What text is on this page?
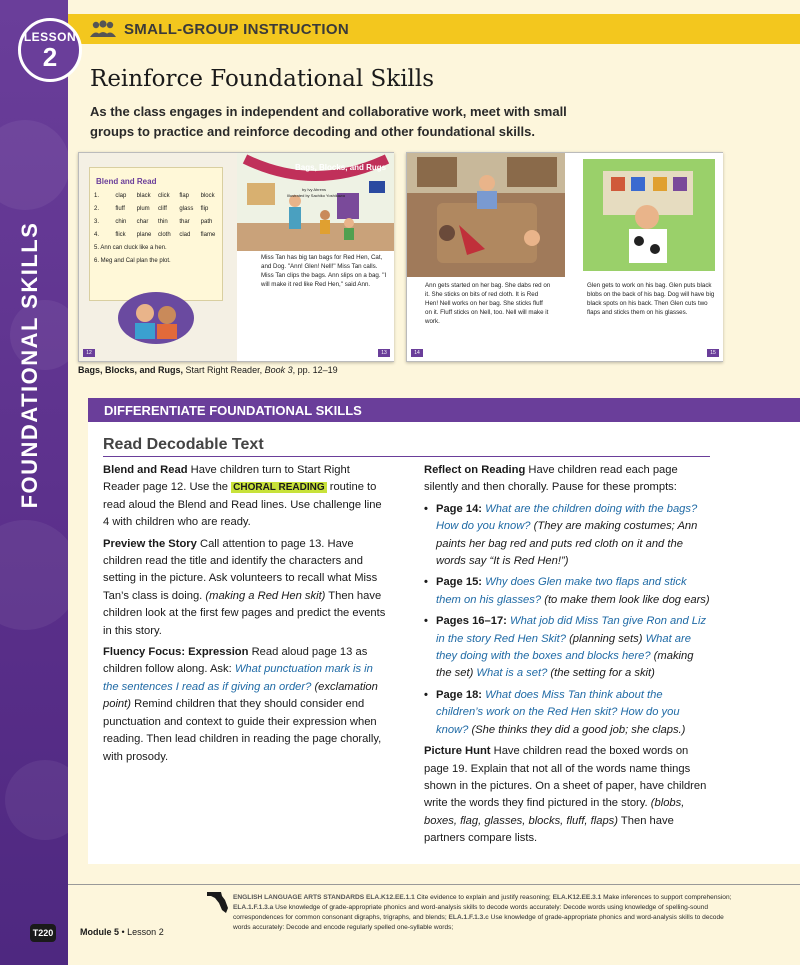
FOUNDATIONAL SKILLS
T220
LESSON
2
SMALL-GROUP INSTRUCTION
Reinforce Foundational Skills
As the class engages in independent and collaborative work, meet with small groups to practice and reinforce decoding and other foundational skills.
Blend and Read
1.	clap	black	click	flap	block
2.	fluff	plum	cliff	glass	flip
3.	chin	char	thin	thar	path
4.	flick	plane	cloth	clad	flame
5. Ann can cluck like a hen.
6. Meg and Cal plan the plot.
12
Bags, Blocks, and Rugs
by Ivy Ahrens
Illustrated by Sachiko Yoshikawa
Miss Tan has big tan bags for Red Hen, Cat, and Dog. "Ann! Glen! Nell!" Miss Tan calls. Miss Tan clips the bags. Ann slips on a bag. "I will make it red like Red Hen," said Ann.
13
Ann gets started on her bag. She dabs red on it. She sticks on bits of red cloth. It is Red Hen! Nell works on her bag. She sticks fluff on it. Fluff sticks on Nell, too. Nell will make it work.
14
Glen gets to work on his bag. Glen puts black blobs on the back of his bag. Dog will have big black spots on his back. Then Glen cuts two flaps and sticks them on his glasses.
15
Bags, Blocks, and Rugs, Start Right Reader, Book 3, pp. 12–19
DIFFERENTIATE FOUNDATIONAL SKILLS
Read Decodable Text

Blend and Read Have children turn to Start Right Reader page 12. Use the CHORAL READING routine to read aloud the Blend and Read lines. Use challenge line 4 with children who are ready.

Preview the Story Call attention to page 13. Have children read the title and identify the characters and setting in the picture. Ask volunteers to recall what Miss Tan’s class is doing. (making a Red Hen skit) Then have children look at the first few pages and predict the events in this story.

Fluency Focus: Expression Read aloud page 13 as children follow along. Ask: What punctuation mark is in the sentences I read as if giving an order? (exclamation point) Remind children that they should consider end punctuation and context to guide their expression when reading. Then lead children in reading the page chorally, with prosody.

Reflect on Reading Have children read each page silently and then chorally. Pause for these prompts:

• Page 14: What are the children doing with the bags? How do you know? (They are making costumes; Ann paints her bag red and puts red cloth on it and the words say “It is Red Hen!”)
• Page 15: Why does Glen make two flaps and stick them on his glasses? (to make them look like dog ears)
• Pages 16–17: What job did Miss Tan give Ron and Liz in the story Red Hen Skit? (planning sets) What are they doing with the boxes and blocks here? (making the set) What is a set? (the setting for a skit)
• Page 18: What does Miss Tan think about the children’s work on the Red Hen skit? How do you know? (She thinks they did a good job; she claps.)

Picture Hunt Have children read the boxed words on page 19. Explain that not all of the words name things shown in the pictures. On a sheet of paper, have children write the words they find pictured in the story. (blobs, boxes, flag, glasses, blocks, fluff, flaps) Then have partners compare lists.

ENGLISH LANGUAGE ARTS STANDARDS ELA.K12.EE.1.1 Cite evidence to explain and justify reasoning; ELA.K12.EE.3.1 Make inferences to support comprehension; ELA.1.F.1.3.a Use knowledge of grade-appropriate phonics and word-analysis skills to decode words accurately: Decode words using knowledge of spelling-sound correspondences for common consonant digraphs, trigraphs, and blends; ELA.1.F.1.3.c Use knowledge of grade-appropriate phonics and word-analysis skills to decode words accurately: Decode and encode regularly spelled one-syllable words;
Module 5 • Lesson 2
